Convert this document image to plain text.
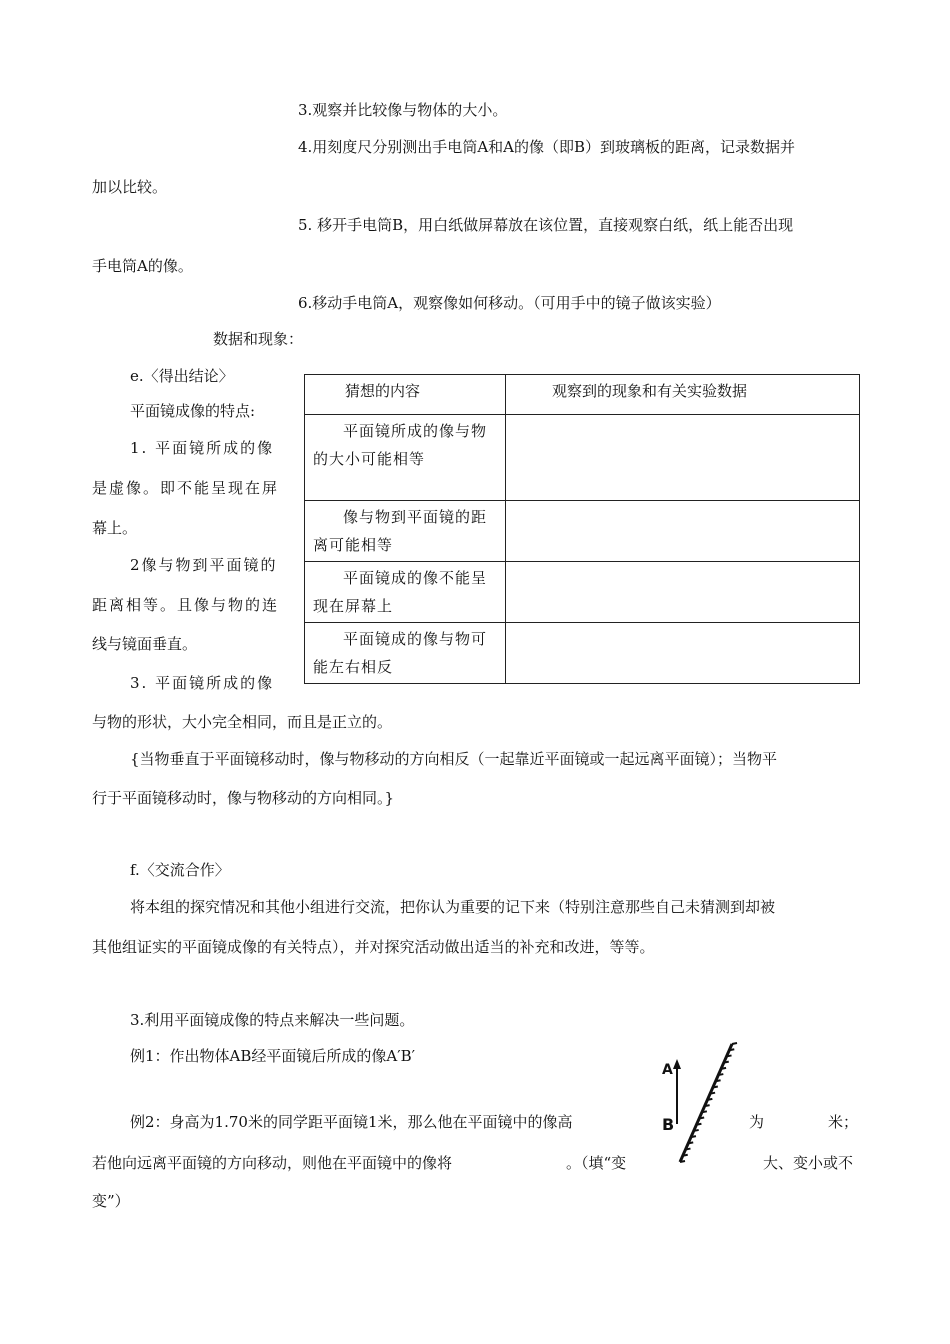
3.观察并比较像与物体的大小。
4.用刻度尺分别测出手电筒A和A的像（即B）到玻璃板的距离，记录数据并
加以比较。
5. 移开手电筒B，用白纸做屏幕放在该位置，直接观察白纸，纸上能否出现
手电筒A的像。
6.移动手电筒A，观察像如何移动。（可用手中的镜子做该实验）
数据和现象：
e.〈得出结论〉
平面镜成像的特点:
1. 平面镜所成的像
是虚像。即不能呈现在屏
幕上。
2像与物到平面镜的
距离相等。且像与物的连
线与镜面垂直。
3. 平面镜所成的像
与物的形状，大小完全相同，而且是正立的。
{当物垂直于平面镜移动时，像与物移动的方向相反（一起靠近平面镜或一起远离平面镜）；当物平
行于平面镜移动时，像与物移动的方向相同。}
猜想的内容	观察到的现象和有关实验数据

平面镜所成的像与物的大小可能相等	

像与物到平面镜的距离可能相等	

平面镜成的像不能呈现在屏幕上	

平面镜成的像与物可能左右相反	

f.〈交流合作〉
将本组的探究情况和其他小组进行交流，把你认为重要的记下来（特别注意那些自己未猜测到却被
其他组证实的平面镜成像的有关特点），并对探究活动做出适当的补充和改进，等等。
3.利用平面镜成像的特点来解决一些问题。
例1：作出物体AB经平面镜后所成的像A′B′
例2：身高为1.70米的同学距平面镜1米，那么他在平面镜中的像高	为	米；
若他向远离平面镜的方向移动，则他在平面镜中的像将	。（填“变	大、变小或不
变”）
A
B
